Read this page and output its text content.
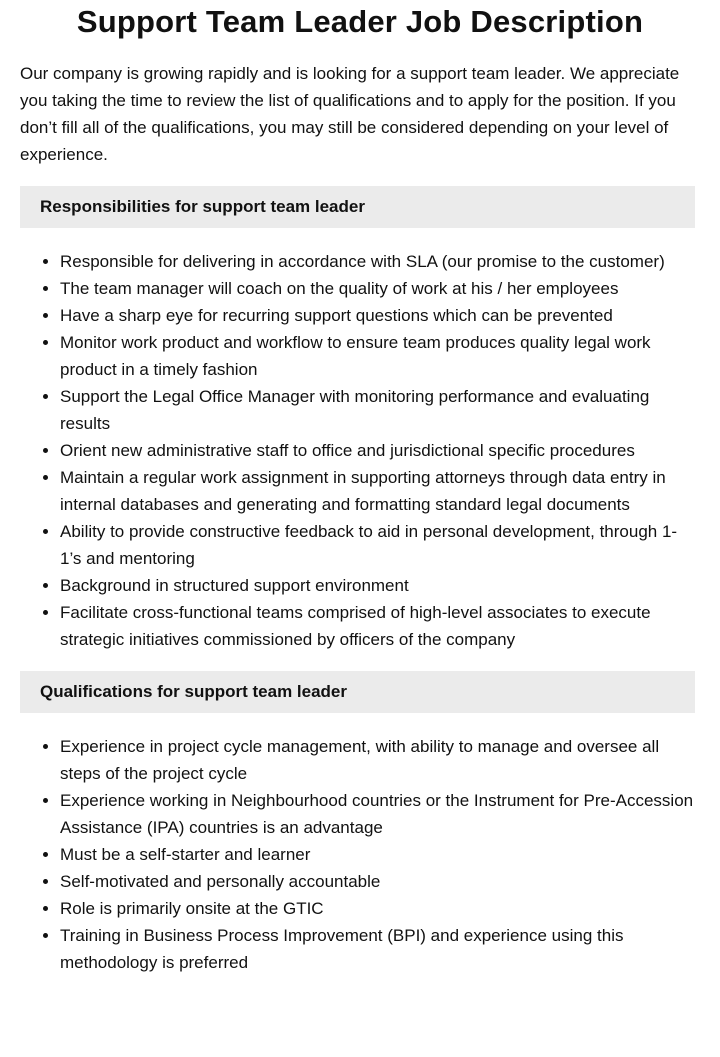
Support Team Leader Job Description

Our company is growing rapidly and is looking for a support team leader. We appreciate you taking the time to review the list of qualifications and to apply for the position. If you don’t fill all of the qualifications, you may still be considered depending on your level of experience.

Responsibilities for support team leader
• Responsible for delivering in accordance with SLA (our promise to the customer)
• The team manager will coach on the quality of work at his / her employees
• Have a sharp eye for recurring support questions which can be prevented
• Monitor work product and workflow to ensure team produces quality legal work product in a timely fashion
• Support the Legal Office Manager with monitoring performance and evaluating results
• Orient new administrative staff to office and jurisdictional specific procedures
• Maintain a regular work assignment in supporting attorneys through data entry in internal databases and generating and formatting standard legal documents
• Ability to provide constructive feedback to aid in personal development, through 1-1’s and mentoring
• Background in structured support environment
• Facilitate cross-functional teams comprised of high-level associates to execute strategic initiatives commissioned by officers of the company
Qualifications for support team leader
• Experience in project cycle management, with ability to manage and oversee all steps of the project cycle
• Experience working in Neighbourhood countries or the Instrument for Pre-Accession Assistance (IPA) countries is an advantage
• Must be a self-starter and learner
• Self-motivated and personally accountable
• Role is primarily onsite at the GTIC
• Training in Business Process Improvement (BPI) and experience using this methodology is preferred
